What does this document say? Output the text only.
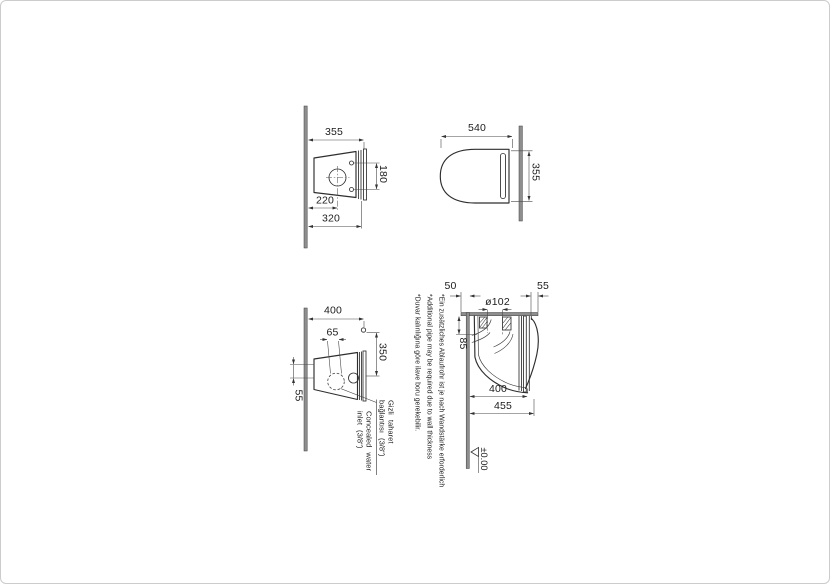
355
180
220
320
540
355
400
350
65
55
Gizli taharet
bağlantısı (3/8")
Concealed water
inlet (3/8")
50	55
ø102
85
400
455
±0.00
*Duvar kalınlığına göre ilave boru gerekebilir. *Additional pipe may be required due to wall thickness *Ein zusätzliches Ablaufrohr ist je nach Wandstärke erforderlich
